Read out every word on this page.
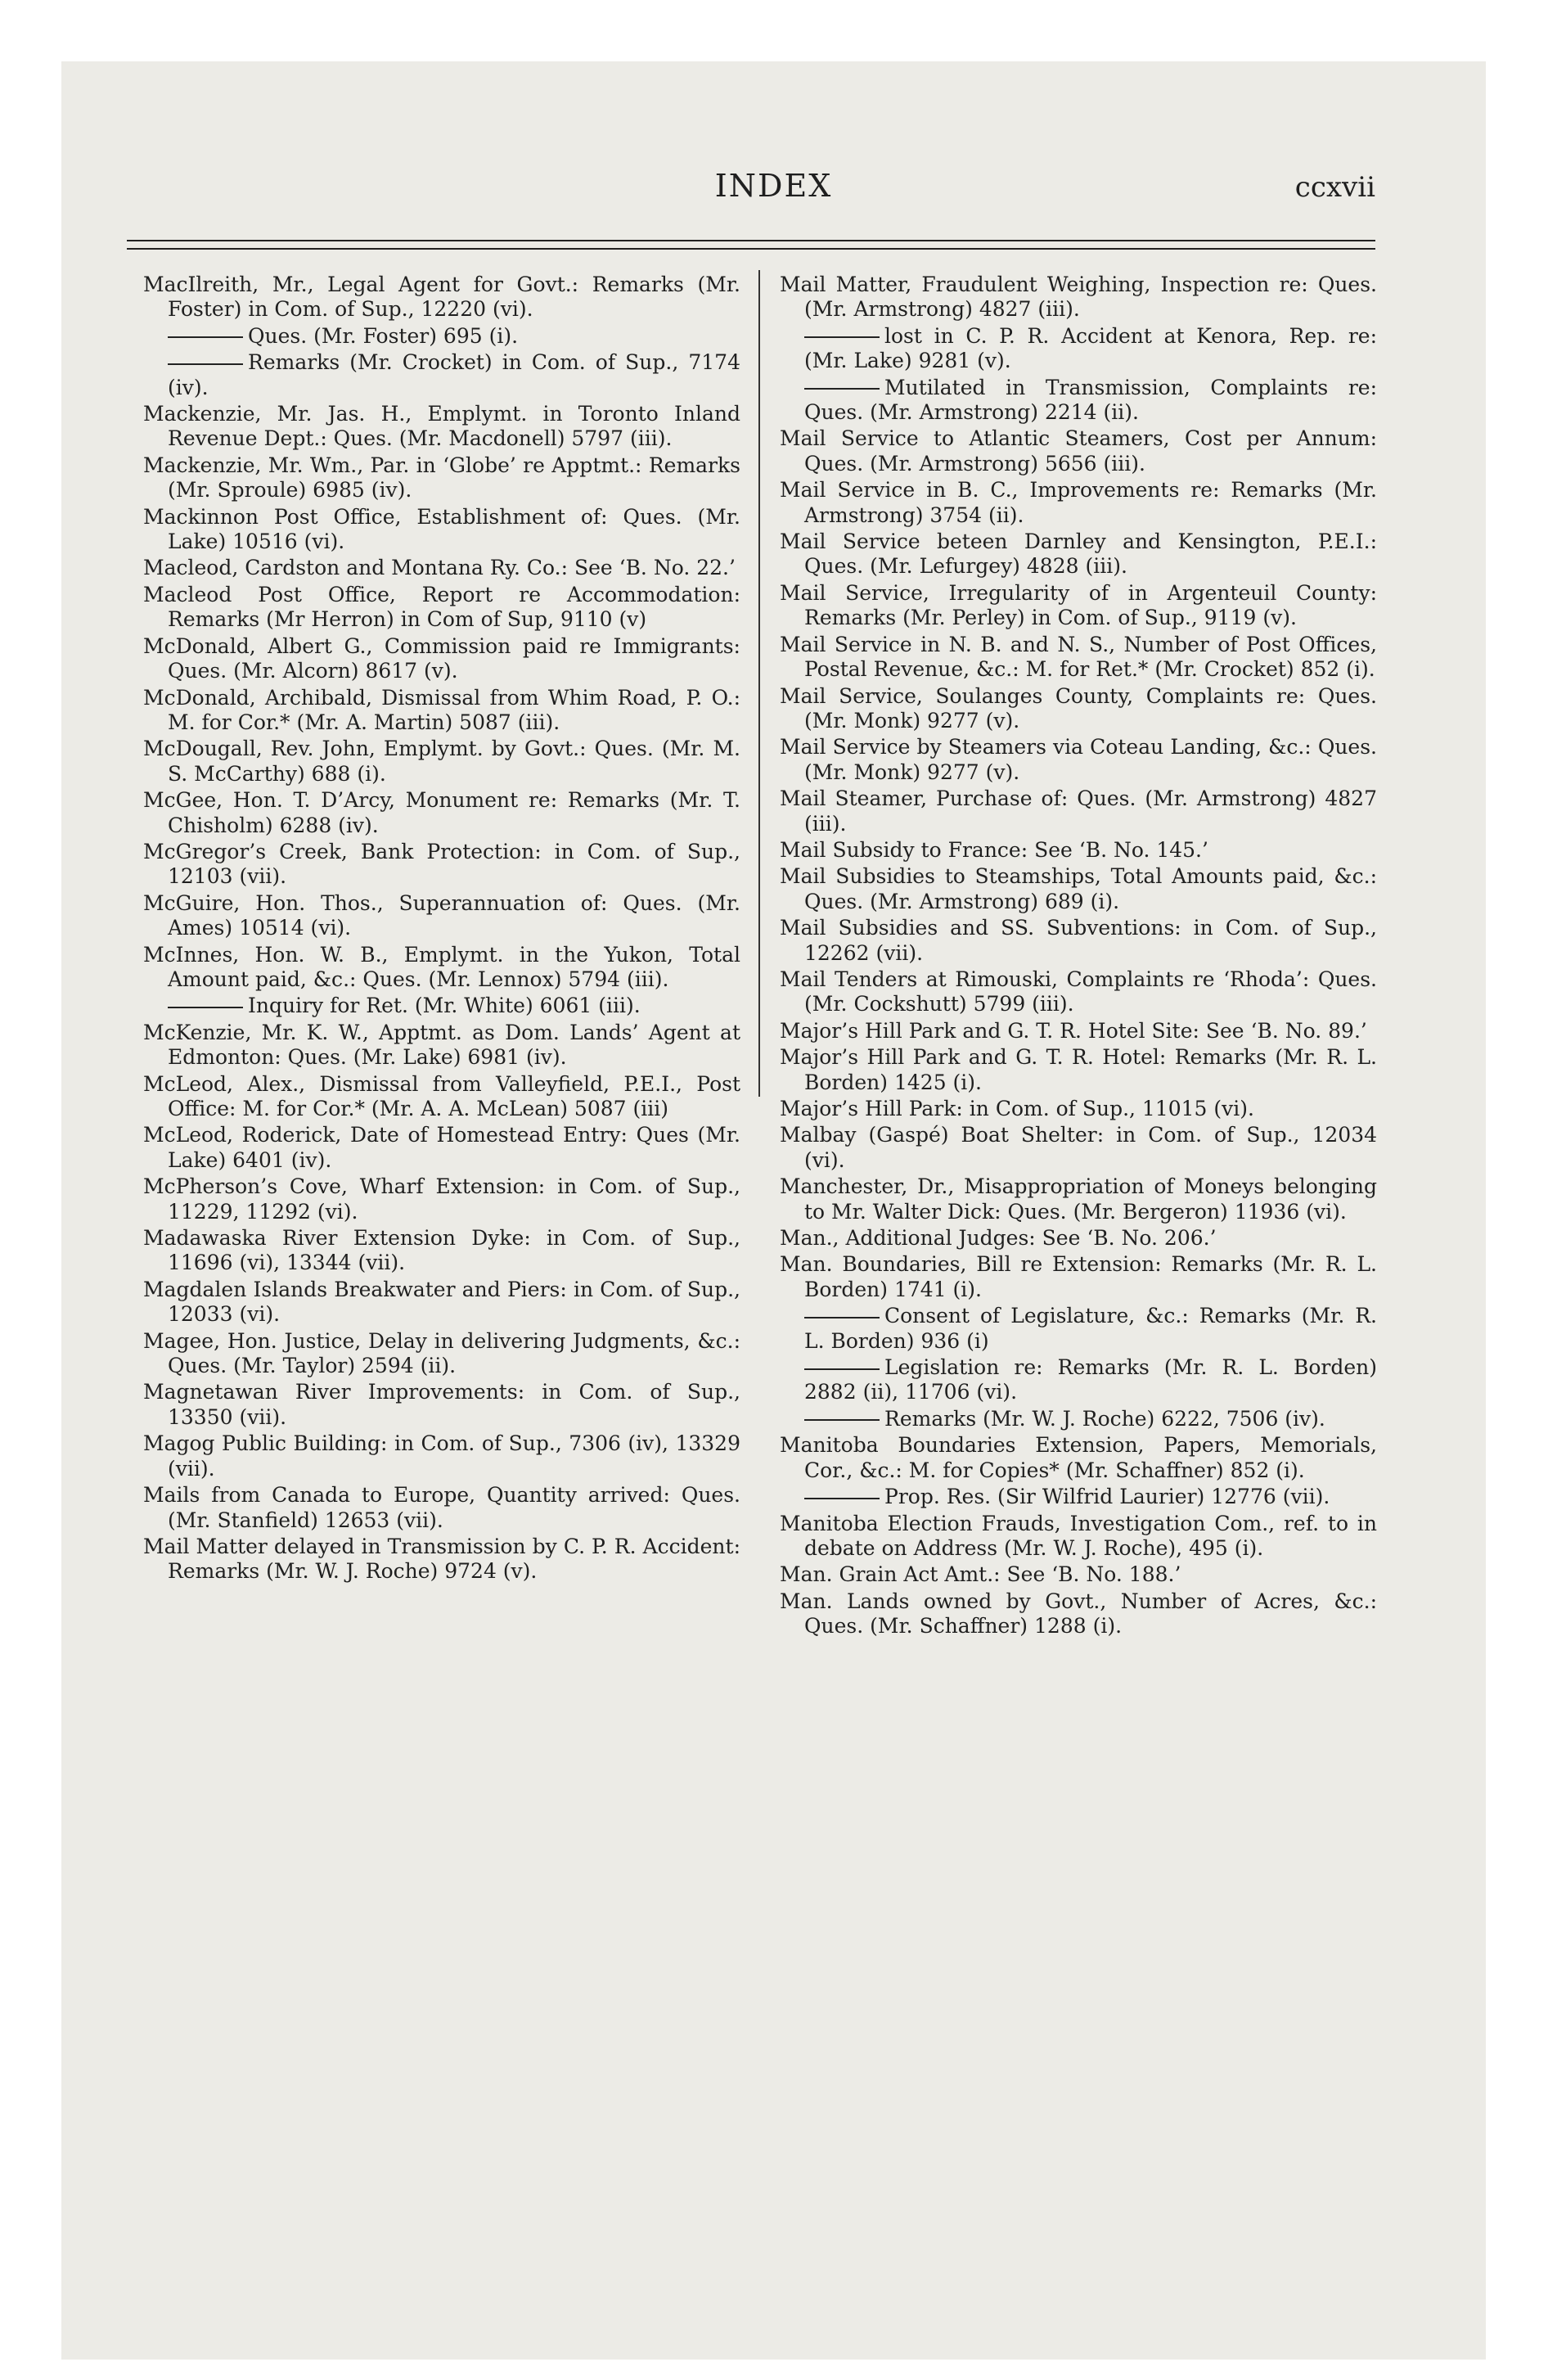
INDEX	ccxvii
MacIlreith, Mr., Legal Agent for Govt.: Remarks (Mr. Foster) in Com. of Sup., 12220 (vi).
Ques. (Mr. Foster) 695 (i).
Remarks (Mr. Crocket) in Com. of Sup., 7174 (iv).
Mackenzie, Mr. Jas. H., Emplymt. in Toronto Inland Revenue Dept.: Ques. (Mr. Macdonell) 5797 (iii).
Mackenzie, Mr. Wm., Par. in ‘Globe’ re Apptmt.: Remarks (Mr. Sproule) 6985 (iv).
Mackinnon Post Office, Establishment of: Ques. (Mr. Lake) 10516 (vi).
Macleod, Cardston and Montana Ry. Co.: See ‘B. No. 22.’
Macleod Post Office, Report re Accommodation: Remarks (Mr Herron) in Com of Sup, 9110 (v)
McDonald, Albert G., Commission paid re Immigrants: Ques. (Mr. Alcorn) 8617 (v).
McDonald, Archibald, Dismissal from Whim Road, P. O.: M. for Cor.* (Mr. A. Martin) 5087 (iii).
McDougall, Rev. John, Emplymt. by Govt.: Ques. (Mr. M. S. McCarthy) 688 (i).
McGee, Hon. T. D’Arcy, Monument re: Remarks (Mr. T. Chisholm) 6288 (iv).
McGregor’s Creek, Bank Protection: in Com. of Sup., 12103 (vii).
McGuire, Hon. Thos., Superannuation of: Ques. (Mr. Ames) 10514 (vi).
McInnes, Hon. W. B., Emplymt. in the Yukon, Total Amount paid, &c.: Ques. (Mr. Lennox) 5794 (iii).
Inquiry for Ret. (Mr. White) 6061 (iii).
McKenzie, Mr. K. W., Apptmt. as Dom. Lands’ Agent at Edmonton: Ques. (Mr. Lake) 6981 (iv).
McLeod, Alex., Dismissal from Valleyfield, P.E.I., Post Office: M. for Cor.* (Mr. A. A. McLean) 5087 (iii)
McLeod, Roderick, Date of Homestead Entry: Ques (Mr. Lake) 6401 (iv).
McPherson’s Cove, Wharf Extension: in Com. of Sup., 11229, 11292 (vi).
Madawaska River Extension Dyke: in Com. of Sup., 11696 (vi), 13344 (vii).
Magdalen Islands Breakwater and Piers: in Com. of Sup., 12033 (vi).
Magee, Hon. Justice, Delay in delivering Judgments, &c.: Ques. (Mr. Taylor) 2594 (ii).
Magnetawan River Improvements: in Com. of Sup., 13350 (vii).
Magog Public Building: in Com. of Sup., 7306 (iv), 13329 (vii).
Mails from Canada to Europe, Quantity arrived: Ques. (Mr. Stanfield) 12653 (vii).
Mail Matter delayed in Transmission by C. P. R. Accident: Remarks (Mr. W. J. Roche) 9724 (v).
Mail Matter, Fraudulent Weighing, Inspection re: Ques. (Mr. Armstrong) 4827 (iii).
lost in C. P. R. Accident at Kenora, Rep. re: (Mr. Lake) 9281 (v).
Mutilated in Transmission, Complaints re: Ques. (Mr. Armstrong) 2214 (ii).
Mail Service to Atlantic Steamers, Cost per Annum: Ques. (Mr. Armstrong) 5656 (iii).
Mail Service in B. C., Improvements re: Remarks (Mr. Armstrong) 3754 (ii).
Mail Service beteen Darnley and Kensington, P.E.I.: Ques. (Mr. Lefurgey) 4828 (iii).
Mail Service, Irregularity of in Argenteuil County: Remarks (Mr. Perley) in Com. of Sup., 9119 (v).
Mail Service in N. B. and N. S., Number of Post Offices, Postal Revenue, &c.: M. for Ret.* (Mr. Crocket) 852 (i).
Mail Service, Soulanges County, Complaints re: Ques. (Mr. Monk) 9277 (v).
Mail Service by Steamers via Coteau Landing, &c.: Ques. (Mr. Monk) 9277 (v).
Mail Steamer, Purchase of: Ques. (Mr. Armstrong) 4827 (iii).
Mail Subsidy to France: See ‘B. No. 145.’
Mail Subsidies to Steamships, Total Amounts paid, &c.: Ques. (Mr. Armstrong) 689 (i).
Mail Subsidies and SS. Subventions: in Com. of Sup., 12262 (vii).
Mail Tenders at Rimouski, Complaints re ‘Rhoda’: Ques. (Mr. Cockshutt) 5799 (iii).
Major’s Hill Park and G. T. R. Hotel Site: See ‘B. No. 89.’
Major’s Hill Park and G. T. R. Hotel: Remarks (Mr. R. L. Borden) 1425 (i).
Major’s Hill Park: in Com. of Sup., 11015 (vi).
Malbay (Gaspé) Boat Shelter: in Com. of Sup., 12034 (vi).
Manchester, Dr., Misappropriation of Moneys belonging to Mr. Walter Dick: Ques. (Mr. Bergeron) 11936 (vi).
Man., Additional Judges: See ‘B. No. 206.’
Man. Boundaries, Bill re Extension: Remarks (Mr. R. L. Borden) 1741 (i).
Consent of Legislature, &c.: Remarks (Mr. R. L. Borden) 936 (i)
Legislation re: Remarks (Mr. R. L. Borden) 2882 (ii), 11706 (vi).
Remarks (Mr. W. J. Roche) 6222, 7506 (iv).
Manitoba Boundaries Extension, Papers, Memorials, Cor., &c.: M. for Copies* (Mr. Schaffner) 852 (i).
Prop. Res. (Sir Wilfrid Laurier) 12776 (vii).
Manitoba Election Frauds, Investigation Com., ref. to in debate on Address (Mr. W. J. Roche), 495 (i).
Man. Grain Act Amt.: See ‘B. No. 188.’
Man. Lands owned by Govt., Number of Acres, &c.: Ques. (Mr. Schaffner) 1288 (i).
